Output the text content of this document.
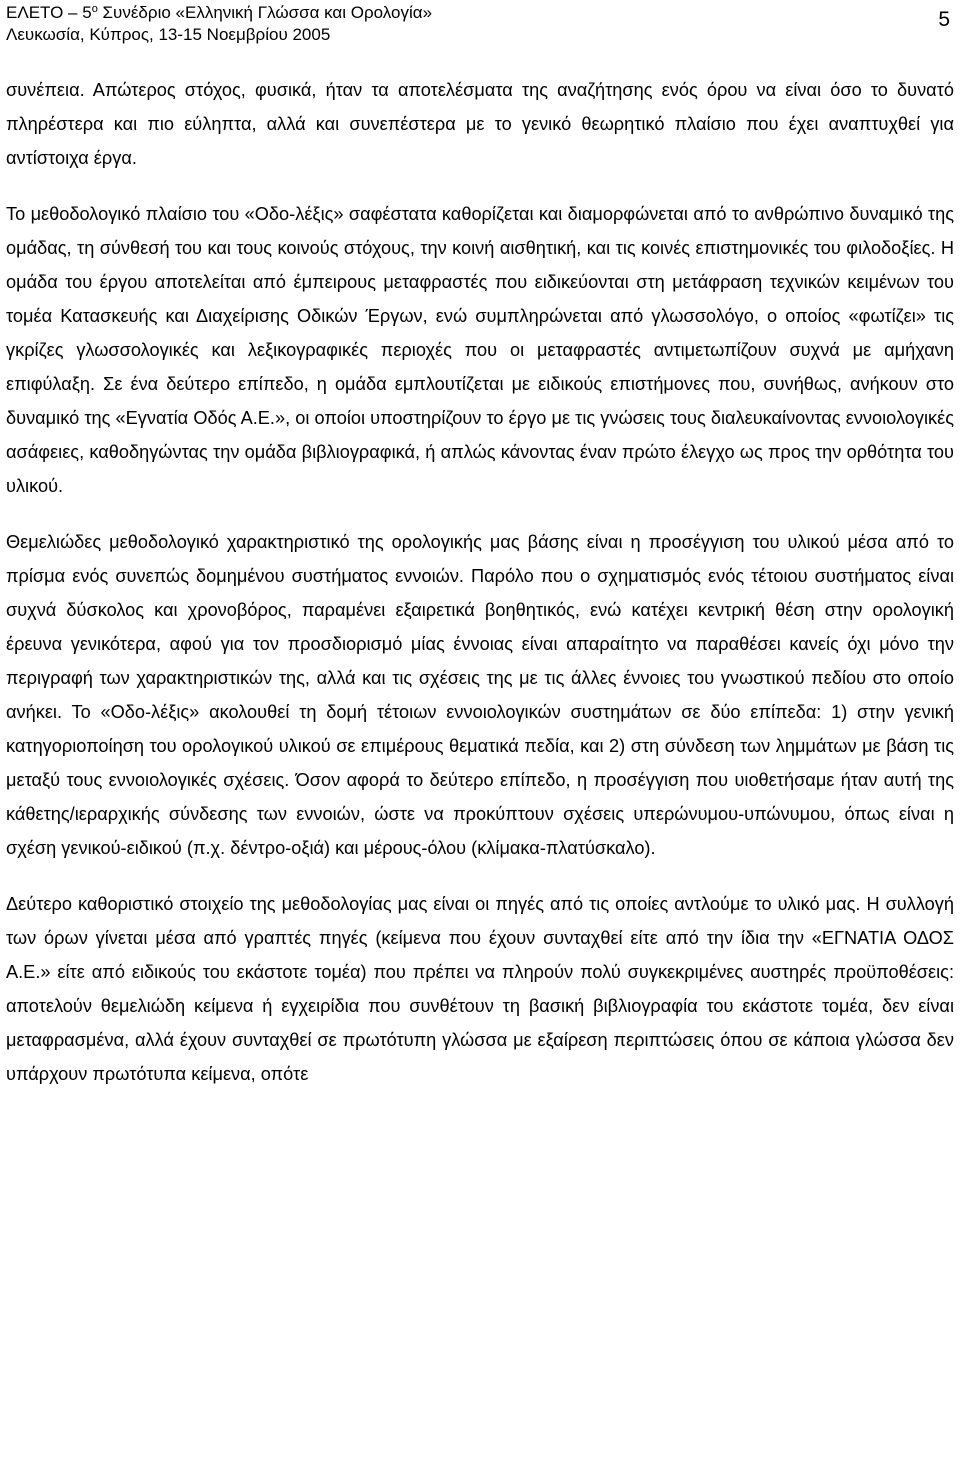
ΕΛΕΤΟ – $5^o$ Συνέδριο «Ελληνική Γλώσσα και Ορολογία»
Λευκωσία, Κύπρος, 13-15 Νοεμβρίου 2005
5

συνέπεια. Απώτερος στόχος, φυσικά, ήταν τα αποτελέσματα της αναζήτησης ενός όρου να είναι όσο το δυνατό πληρέστερα και πιο εύληπτα, αλλά και συνεπέστερα με το γενικό θεωρητικό πλαίσιο που έχει αναπτυχθεί για αντίστοιχα έργα.

Το μεθοδολογικό πλαίσιο του «Οδο-λέξις» σαφέστατα καθορίζεται και διαμορφώνεται από το ανθρώπινο δυναμικό της ομάδας, τη σύνθεσή του και τους κοινούς στόχους, την κοινή αισθητική, και τις κοινές επιστημονικές του φιλοδοξίες. Η ομάδα του έργου αποτελείται από έμπειρους μεταφραστές που ειδικεύονται στη μετάφραση τεχνικών κειμένων του τομέα Κατασκευής και Διαχείρισης Οδικών Έργων, ενώ συμπληρώνεται από γλωσσολόγο, ο οποίος «φωτίζει» τις γκρίζες γλωσσολογικές και λεξικογραφικές περιοχές που οι μεταφραστές αντιμετωπίζουν συχνά με αμήχανη επιφύλαξη. Σε ένα δεύτερο επίπεδο, η ομάδα εμπλουτίζεται με ειδικούς επιστήμονες που, συνήθως, ανήκουν στο δυναμικό της «Εγνατία Οδός Α.Ε.», οι οποίοι υποστηρίζουν το έργο με τις γνώσεις τους διαλευκαίνοντας εννοιολογικές ασάφειες, καθοδηγώντας την ομάδα βιβλιογραφικά, ή απλώς κάνοντας έναν πρώτο έλεγχο ως προς την ορθότητα του υλικού.

Θεμελιώδες μεθοδολογικό χαρακτηριστικό της ορολογικής μας βάσης είναι η προσέγγιση του υλικού μέσα από το πρίσμα ενός συνεπώς δομημένου συστήματος εννοιών. Παρόλο που ο σχηματισμός ενός τέτοιου συστήματος είναι συχνά δύσκολος και χρονοβόρος, παραμένει εξαιρετικά βοηθητικός, ενώ κατέχει κεντρική θέση στην ορολογική έρευνα γενικότερα, αφού για τον προσδιορισμό μίας έννοιας είναι απαραίτητο να παραθέσει κανείς όχι μόνο την περιγραφή των χαρακτηριστικών της, αλλά και τις σχέσεις της με τις άλλες έννοιες του γνωστικού πεδίου στο οποίο ανήκει. Το «Οδο-λέξις» ακολουθεί τη δομή τέτοιων εννοιολογικών συστημάτων σε δύο επίπεδα: 1) στην γενική κατηγοριοποίηση του ορολογικού υλικού σε επιμέρους θεματικά πεδία, και 2) στη σύνδεση των λημμάτων με βάση τις μεταξύ τους εννοιολογικές σχέσεις. Όσον αφορά το δεύτερο επίπεδο, η προσέγγιση που υιοθετήσαμε ήταν αυτή της κάθετης/ιεραρχικής σύνδεσης των εννοιών, ώστε να προκύπτουν σχέσεις υπερώνυμου-υπώνυμου, όπως είναι η σχέση γενικού-ειδικού (π.χ. δέντρο-οξιά) και μέρους-όλου (κλίμακα-πλατύσκαλο).

Δεύτερο καθοριστικό στοιχείο της μεθοδολογίας μας είναι οι πηγές από τις οποίες αντλούμε το υλικό μας. Η συλλογή των όρων γίνεται μέσα από γραπτές πηγές (κείμενα που έχουν συνταχθεί είτε από την ίδια την «ΕΓΝΑΤΙΑ ΟΔΟΣ Α.Ε.» είτε από ειδικούς του εκάστοτε τομέα) που πρέπει να πληρούν πολύ συγκεκριμένες αυστηρές προϋποθέσεις: αποτελούν θεμελιώδη κείμενα ή εγχειρίδια που συνθέτουν τη βασική βιβλιογραφία του εκάστοτε τομέα, δεν είναι μεταφρασμένα, αλλά έχουν συνταχθεί σε πρωτότυπη γλώσσα με εξαίρεση περιπτώσεις όπου σε κάποια γλώσσα δεν υπάρχουν πρωτότυπα κείμενα, οπότε
